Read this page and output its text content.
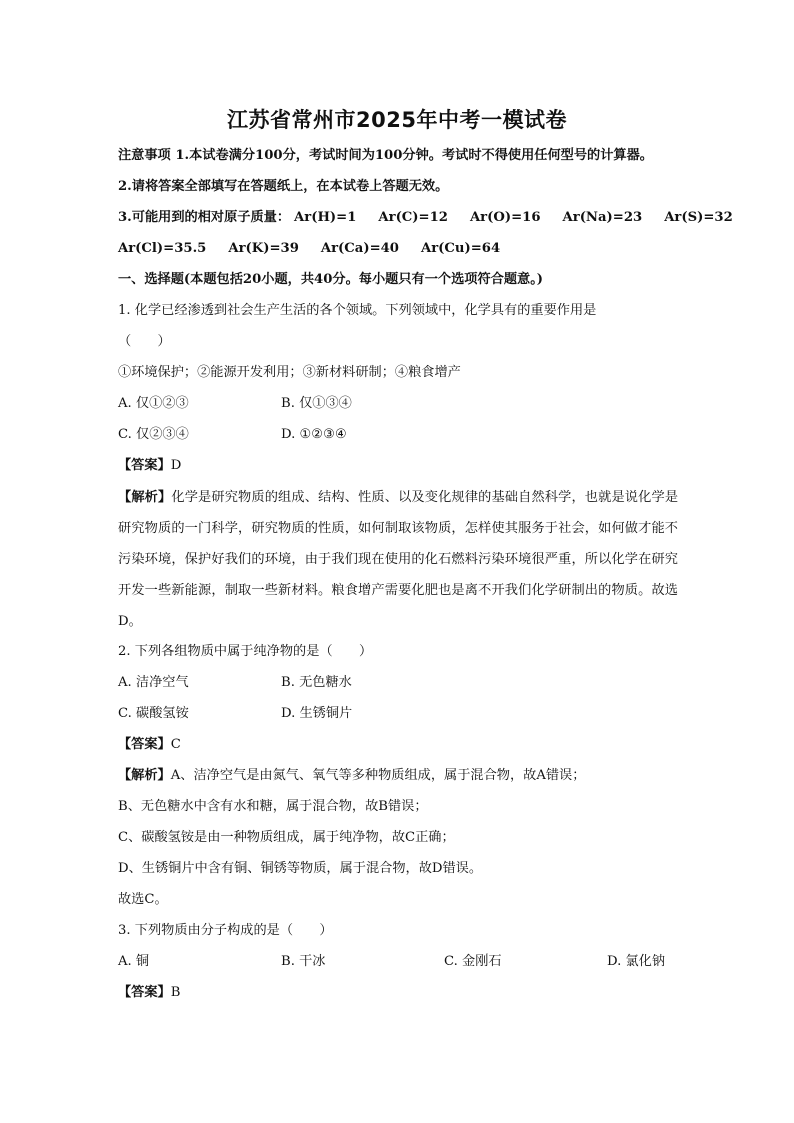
江苏省常州市2025年中考一模试卷
注意事项 1.本试卷满分100分，考试时间为100分钟。考试时不得使用任何型号的计算器。
2.请将答案全部填写在答题纸上，在本试卷上答题无效。
3.可能用到的相对原子质量： Ar(H)=1 Ar(C)=12 Ar(O)=16 Ar(Na)=23 Ar(S)=32
Ar(Cl)=35.5 Ar(K)=39 Ar(Ca)=40 Ar(Cu)=64
一、选择题(本题包括20小题，共40分。每小题只有一个选项符合题意。)
1. 化学已经渗透到社会生产生活的各个领域。下列领域中，化学具有的重要作用是
（　　）
①环境保护；②能源开发利用；③新材料研制；④粮食增产
A. 仅①②③	B. 仅①③④
C. 仅②③④	D. ①②③④
【答案】D
【解析】化学是研究物质的组成、结构、性质、以及变化规律的基础自然科学，也就是说化学是研究物质的一门科学，研究物质的性质，如何制取该物质，怎样使其服务于社会，如何做才能不污染环境，保护好我们的环境，由于我们现在使用的化石燃料污染环境很严重，所以化学在研究开发一些新能源，制取一些新材料。粮食增产需要化肥也是离不开我们化学研制出的物质。故选D。
2. 下列各组物质中属于纯净物的是（　　）
A. 洁净空气	B. 无色糖水
C. 碳酸氢铵	D. 生锈铜片
【答案】C
【解析】A、洁净空气是由氮气、氧气等多种物质组成，属于混合物，故A错误；
B、无色糖水中含有水和糖，属于混合物，故B错误；
C、碳酸氢铵是由一种物质组成，属于纯净物，故C正确；
D、生锈铜片中含有铜、铜锈等物质，属于混合物，故D错误。
故选C。
3. 下列物质由分子构成的是（　　）
A. 铜	B. 干冰	C. 金刚石	D. 氯化钠
【答案】B
